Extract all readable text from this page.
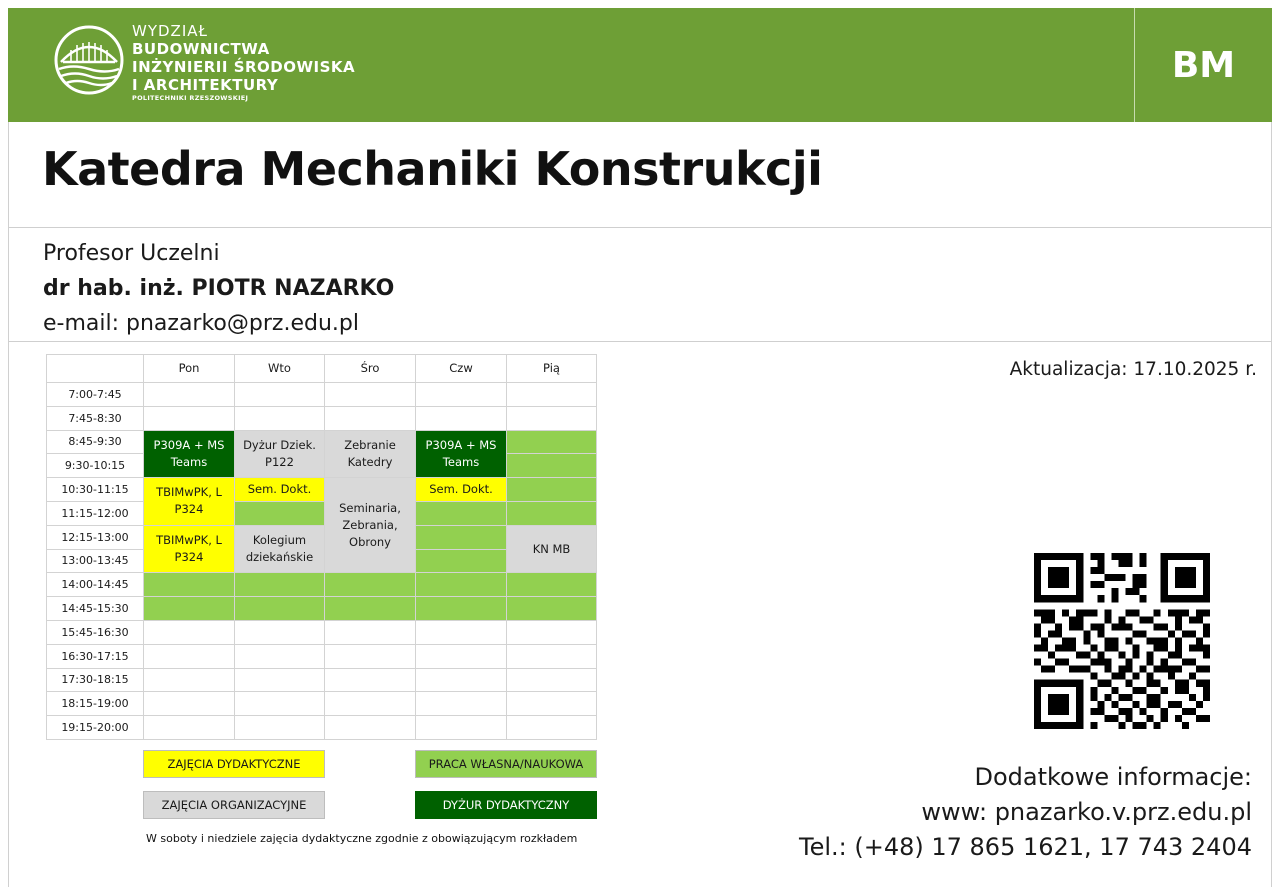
WYDZIAŁ
BUDOWNICTWA
INŻYNIERII ŚRODOWISKA
I ARCHITEKTURY
POLITECHNIKI RZESZOWSKIEJ
BM
Katedra Mechaniki Konstrukcji
Profesor Uczelni
dr hab. inż. PIOTR NAZARKO
e-mail: pnazarko@prz.edu.pl
	Pon	Wto	Śro	Czw	Pią
7:00-7:45					
7:45-8:30					
8:45-9:30	P309A + MS Teams	Dyżur Dziek. P122	Zebranie Katedry	P309A + MS Teams	
9:30-10:15					
10:30-11:15	TBIMwPK, L P324	Sem. Dokt.	Seminaria, Zebrania, Obrony	Sem. Dokt.	
11:15-12:00					
12:15-13:00	TBIMwPK, L P324	Kolegium dziekańskie			KN MB
13:00-13:45					
14:00-14:45					
14:45-15:30					
15:45-16:30					
16:30-17:15					
17:30-18:15					
18:15-19:00					
19:15-20:00					
ZAJĘCIA DYDAKTYCZNE	PRACA WŁASNA/NAUKOWA
ZAJĘCIA ORGANIZACYJNE	DYŻUR DYDAKTYCZNY
W soboty i niedziele zajęcia dydaktyczne zgodnie z obowiązującym rozkładem
Aktualizacja: 17.10.2025 r.
Dodatkowe informacje:
www: pnazarko.v.prz.edu.pl
Tel.: (+48) 17 865 1621, 17 743 2404
